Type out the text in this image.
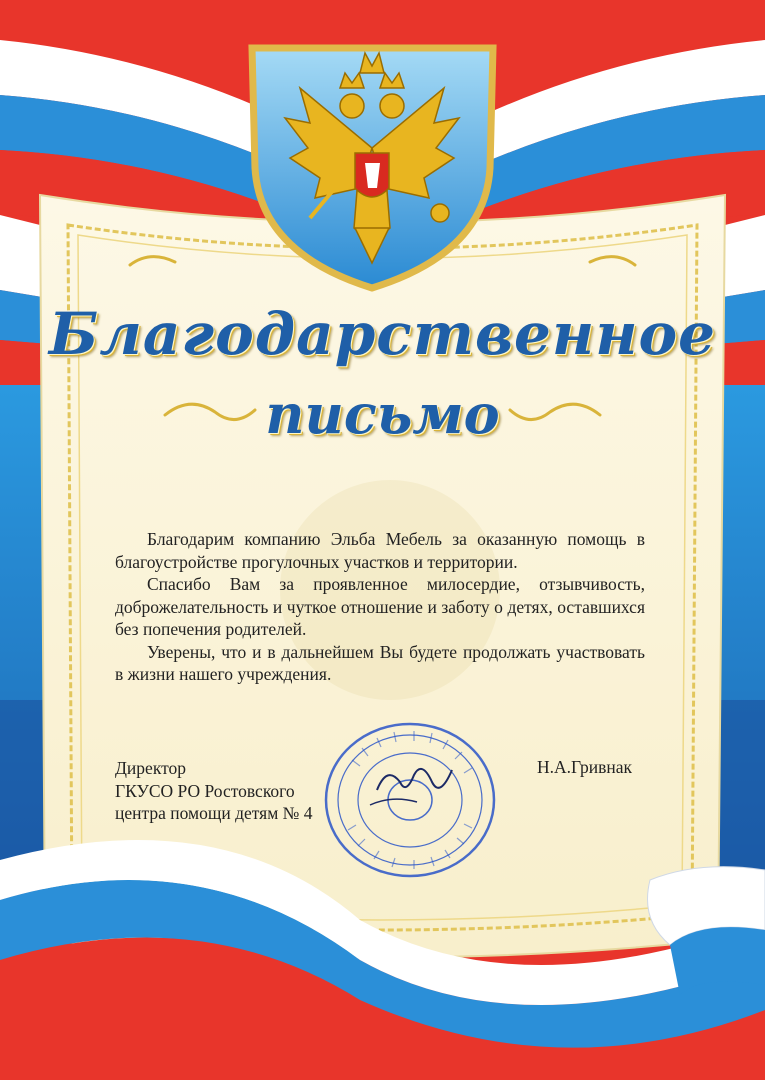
Благодарственное
письмо

Благодарим компанию Эльба Мебель за оказанную помощь в благоустройстве прогулочных участков и территории.

Спасибо Вам за проявленное милосердие, отзывчивость, доброжелательность и чуткое отношение и заботу о детях, оставшихся без попечения родителей.

Уверены, что и в дальнейшем Вы будете продолжать участвовать в жизни нашего учреждения.

Директор
ГКУСО РО Ростовского
центра помощи детям № 4
Н.А.Гривнак
